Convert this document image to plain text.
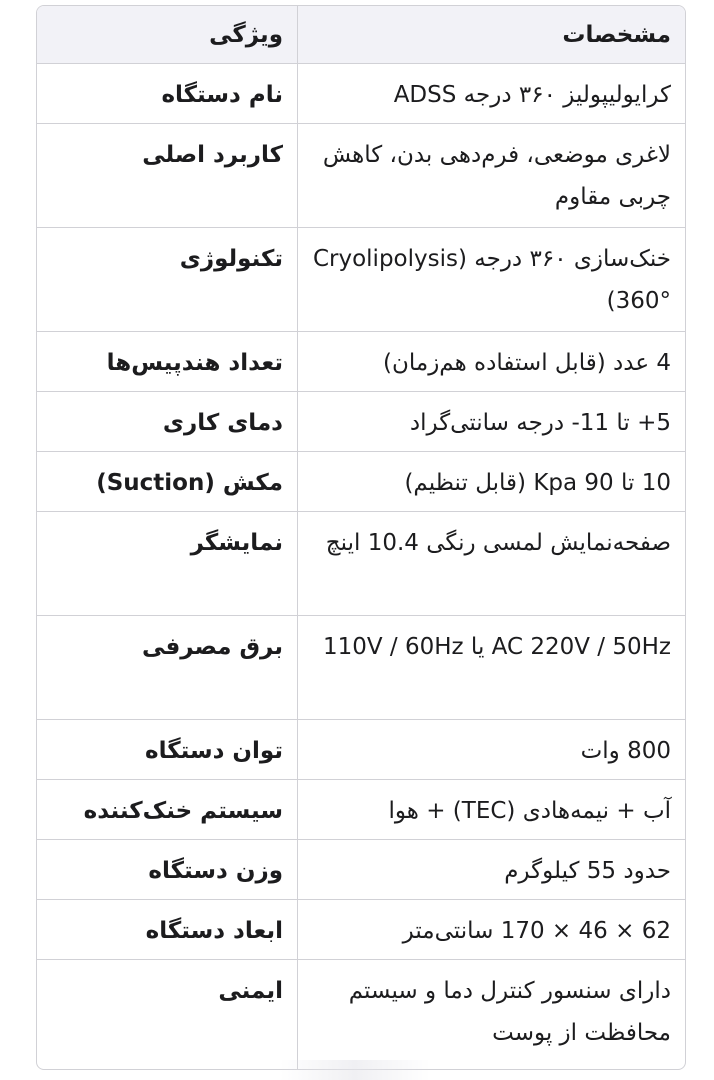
مشخصات
ویژگی
کرایولیپولیز ۳۶۰ درجه ADSS
نام دستگاه
لاغری موضعی، فرم‌دهی بدن، کاهش چربی مقاوم
کاربرد اصلی
خنک‌سازی ۳۶۰ درجه (Cryolipolysis 360°)
تکنولوژی
4 عدد (قابل استفاده هم‌زمان)
تعداد هندپیس‌ها
5+ تا 11- درجه سانتی‌گراد
دمای کاری
10 تا 90 Kpa (قابل تنظیم)
مکش (Suction)
صفحه‌نمایش لمسی رنگی 10.4 اینچ
نمایشگر
AC 220V / 50Hz یا 110V / 60Hz
برق مصرفی
800 وات
توان دستگاه
آب + نیمه‌هادی (TEC) + هوا
سیستم خنک‌کننده
حدود 55 کیلوگرم
وزن دستگاه
62 × 46 × 170 سانتی‌متر
ابعاد دستگاه
دارای سنسور کنترل دما و سیستم محافظت از پوست
ایمنی
